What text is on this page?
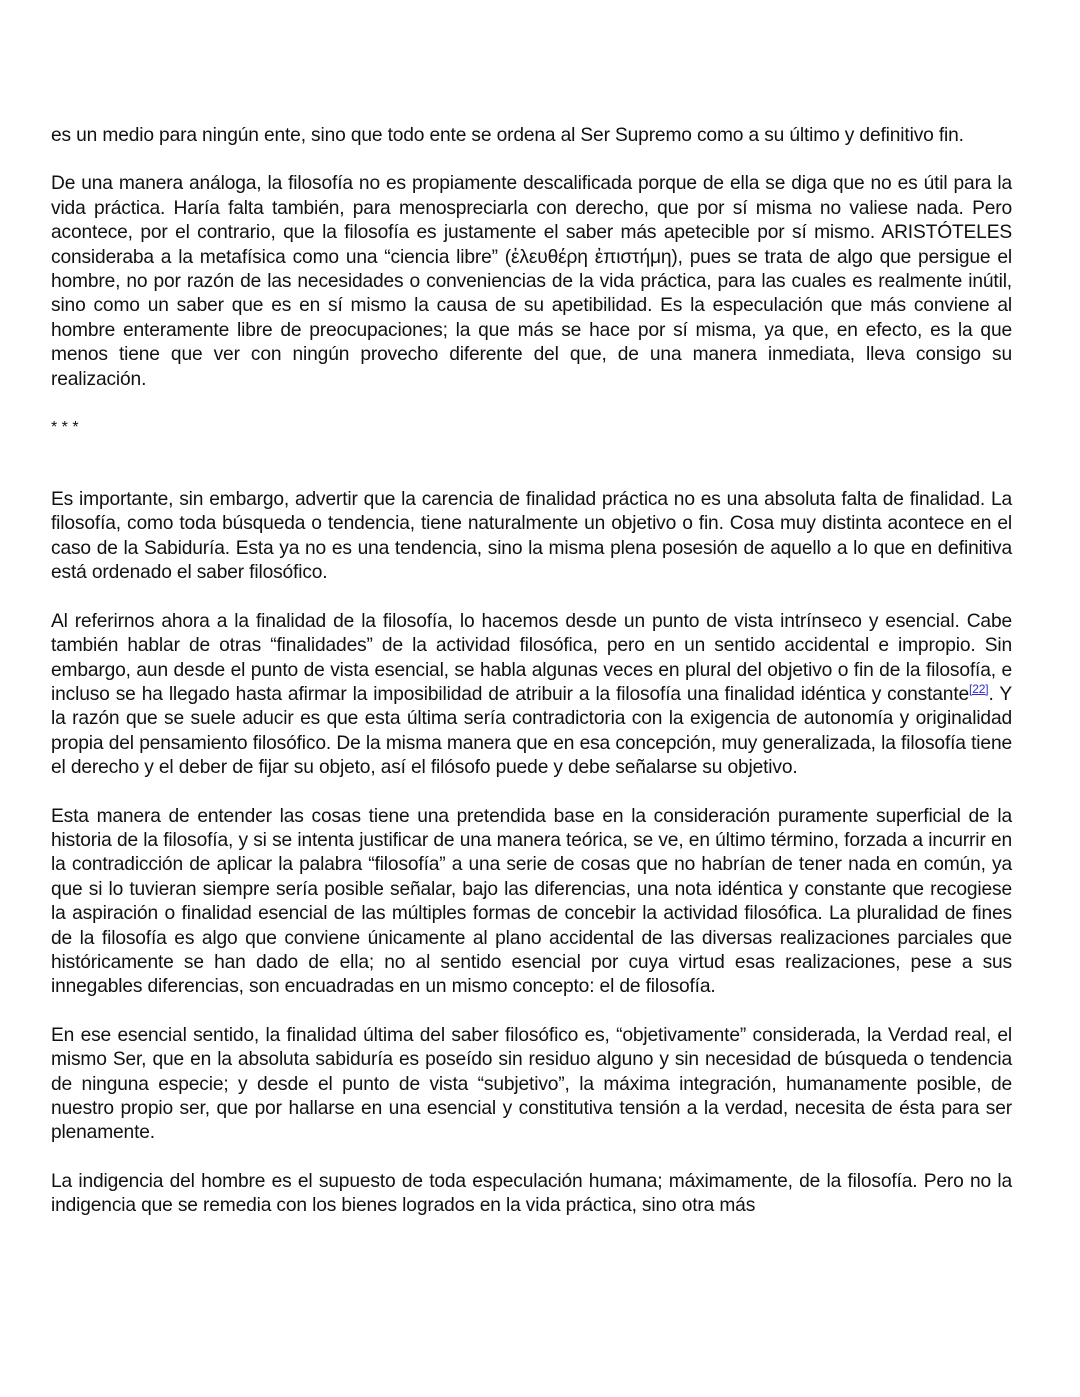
es un medio para ningún ente, sino que todo ente se ordena al Ser Supremo como a su último y definitivo fin.

De una manera análoga, la filosofía no es propiamente descalificada porque de ella se diga que no es útil para la vida práctica. Haría falta también, para menospreciarla con derecho, que por sí misma no valiese nada. Pero acontece, por el contrario, que la filosofía es justamente el saber más apetecible por sí mismo. ARISTÓTELES consideraba a la metafísica como una “ciencia libre” (ἐλευθέρη ἐπιστήμη), pues se trata de algo que persigue el hombre, no por razón de las necesidades o conveniencias de la vida práctica, para las cuales es realmente inútil, sino como un saber que es en sí mismo la causa de su apetibilidad. Es la especulación que más conviene al hombre enteramente libre de preocupaciones; la que más se hace por sí misma, ya que, en efecto, es la que menos tiene que ver con ningún provecho diferente del que, de una manera inmediata, lleva consigo su realización.

* * *

Es importante, sin embargo, advertir que la carencia de finalidad práctica no es una absoluta falta de finalidad. La filosofía, como toda búsqueda o tendencia, tiene naturalmente un objetivo o fin. Cosa muy distinta acontece en el caso de la Sabiduría. Esta ya no es una tendencia, sino la misma plena posesión de aquello a lo que en definitiva está ordenado el saber filosófico.

Al referirnos ahora a la finalidad de la filosofía, lo hacemos desde un punto de vista intrínseco y esencial. Cabe también hablar de otras “finalidades” de la actividad filosófica, pero en un sentido accidental e impropio. Sin embargo, aun desde el punto de vista esencial, se habla algunas veces en plural del objetivo o fin de la filosofía, e incluso se ha llegado hasta afirmar la imposibilidad de atribuir a la filosofía una finalidad idéntica y constante[22]. Y la razón que se suele aducir es que esta última sería contradictoria con la exigencia de autonomía y originalidad propia del pensamiento filosófico. De la misma manera que en esa concepción, muy generalizada, la filosofía tiene el derecho y el deber de fijar su objeto, así el filósofo puede y debe señalarse su objetivo.

Esta manera de entender las cosas tiene una pretendida base en la consideración puramente superficial de la historia de la filosofía, y si se intenta justificar de una manera teórica, se ve, en último término, forzada a incurrir en la contradicción de aplicar la palabra “filosofía” a una serie de cosas que no habrían de tener nada en común, ya que si lo tuvieran siempre sería posible señalar, bajo las diferencias, una nota idéntica y constante que recogiese la aspiración o finalidad esencial de las múltiples formas de concebir la actividad filosófica. La pluralidad de fines de la filosofía es algo que conviene únicamente al plano accidental de las diversas realizaciones parciales que históricamente se han dado de ella; no al sentido esencial por cuya virtud esas realizaciones, pese a sus innegables diferencias, son encuadradas en un mismo concepto: el de filosofía.

En ese esencial sentido, la finalidad última del saber filosófico es, “objetivamente” considerada, la Verdad real, el mismo Ser, que en la absoluta sabiduría es poseído sin residuo alguno y sin necesidad de búsqueda o tendencia de ninguna especie; y desde el punto de vista “subjetivo”, la máxima integración, humanamente posible, de nuestro propio ser, que por hallarse en una esencial y constitutiva tensión a la verdad, necesita de ésta para ser plenamente.

La indigencia del hombre es el supuesto de toda especulación humana; máximamente, de la filosofía. Pero no la indigencia que se remedia con los bienes logrados en la vida práctica, sino otra más
